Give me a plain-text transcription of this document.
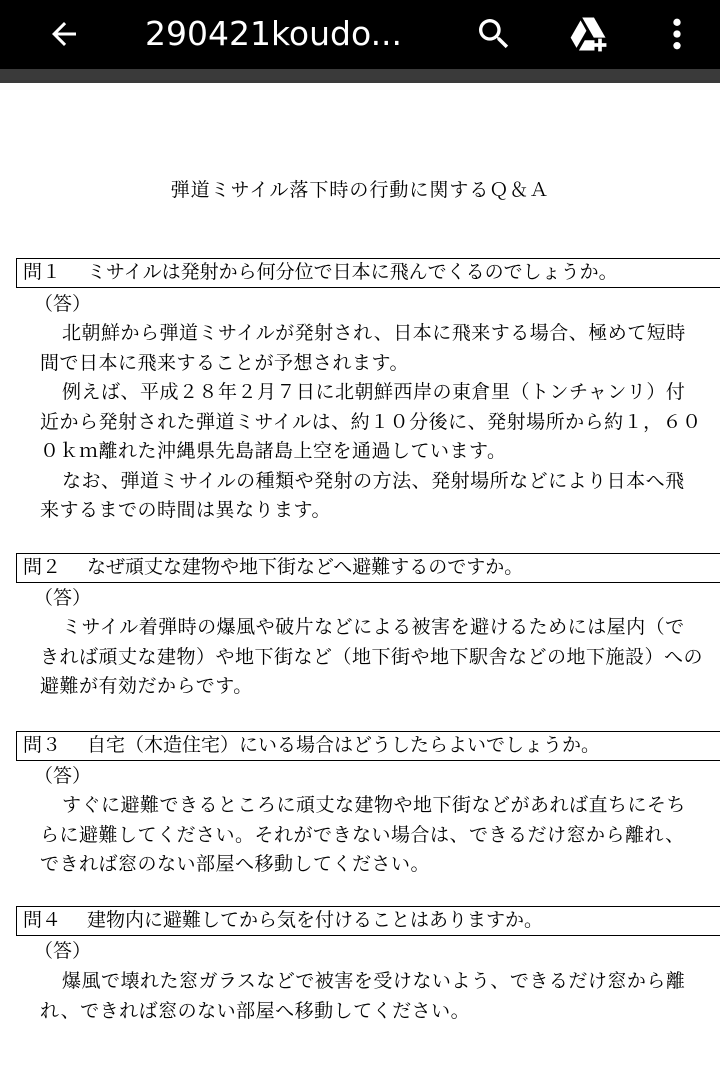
290421koudo...
弾道ミサイル落下時の行動に関するＱ＆Ａ
問１ ミサイルは発射から何分位で日本に飛んでくるのでしょうか。
（答）

北朝鮮から弾道ミサイルが発射され、日本に飛来する場合、極めて短時間で日本に飛来することが予想されます。

例えば、平成２８年２月７日に北朝鮮西岸の東倉里（トンチャンリ）付近から発射された弾道ミサイルは、約１０分後に、発射場所から約１，６００ｋｍ離れた沖縄県先島諸島上空を通過しています。

なお、弾道ミサイルの種類や発射の方法、発射場所などにより日本へ飛来するまでの時間は異なります。

問２ なぜ頑丈な建物や地下街などへ避難するのですか。
（答）

ミサイル着弾時の爆風や破片などによる被害を避けるためには屋内（できれば頑丈な建物）や地下街など（地下街や地下駅舎などの地下施設）への避難が有効だからです。

問３ 自宅（木造住宅）にいる場合はどうしたらよいでしょうか。
（答）

すぐに避難できるところに頑丈な建物や地下街などがあれば直ちにそちらに避難してください。それができない場合は、できるだけ窓から離れ、できれば窓のない部屋へ移動してください。

問４ 建物内に避難してから気を付けることはありますか。
（答）

爆風で壊れた窓ガラスなどで被害を受けないよう、できるだけ窓から離れ、できれば窓のない部屋へ移動してください。
